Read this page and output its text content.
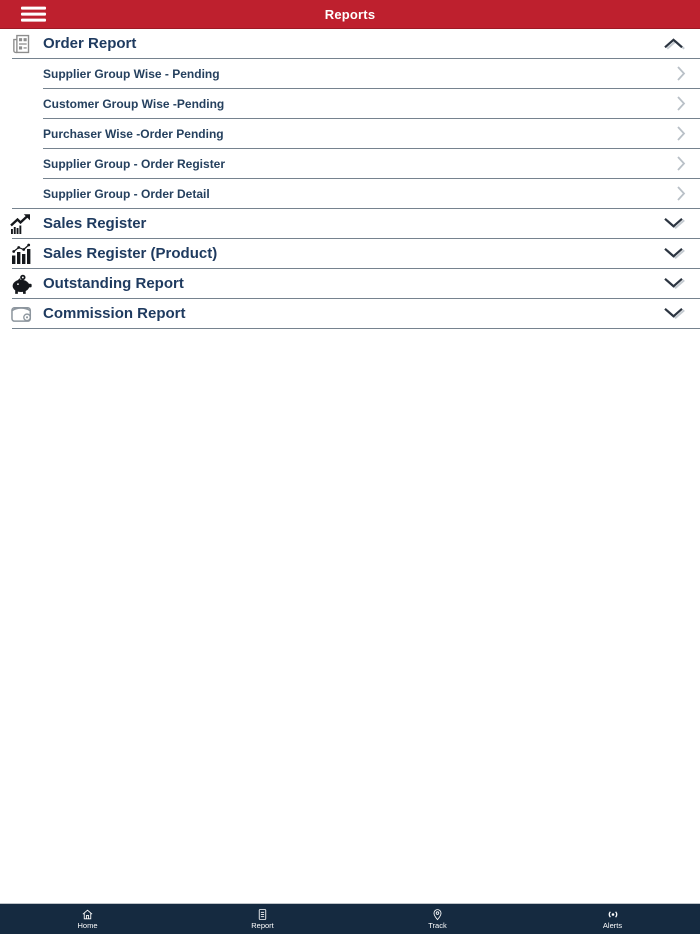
Reports
Order Report
Supplier Group Wise - Pending
Customer Group Wise -Pending
Purchaser Wise -Order Pending
Supplier Group - Order Register
Supplier Group - Order Detail
Sales Register
Sales Register (Product)
Outstanding Report
Commission Report
Home	Report	Track	Alerts
